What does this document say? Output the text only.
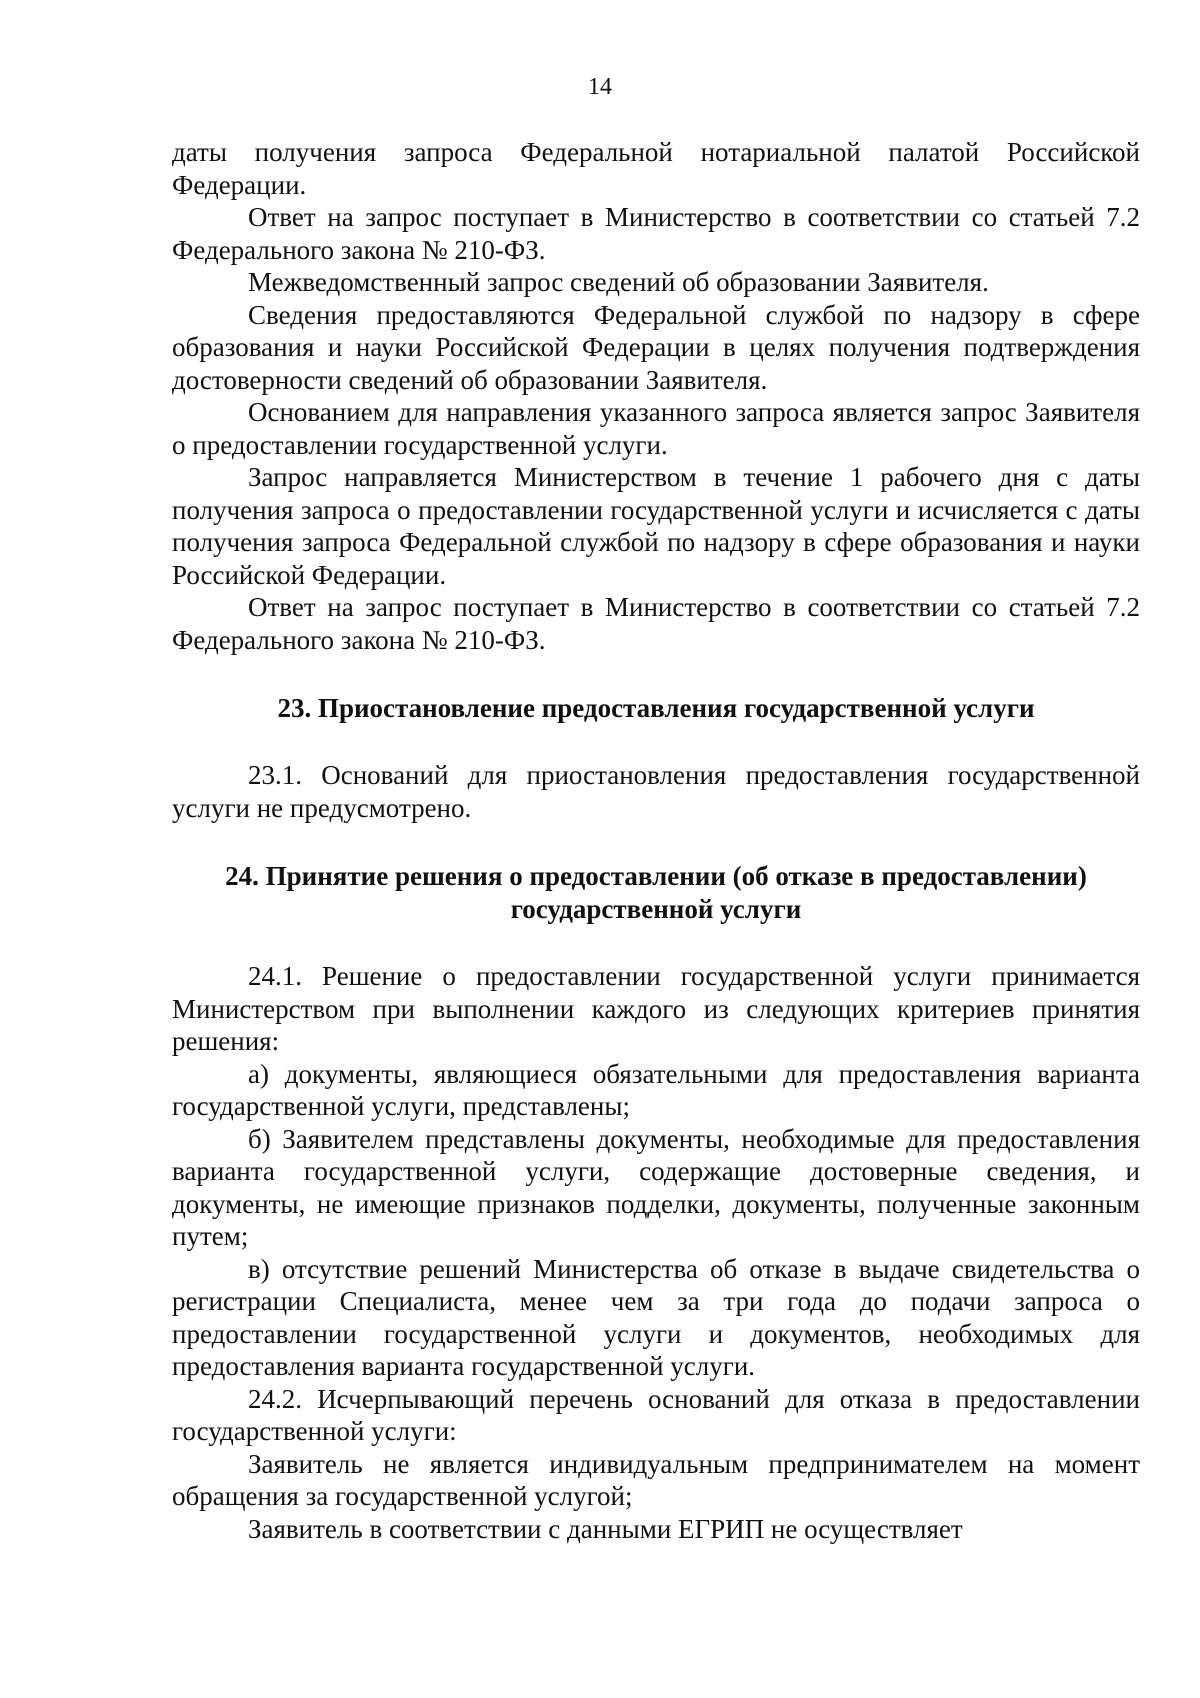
14

даты получения запроса Федеральной нотариальной палатой Российской Федерации.

Ответ на запрос поступает в Министерство в соответствии со статьей 7.2 Федерального закона № 210-ФЗ.

Межведомственный запрос сведений об образовании Заявителя.

Сведения предоставляются Федеральной службой по надзору в сфере образования и науки Российской Федерации в целях получения подтверждения достоверности сведений об образовании Заявителя.

Основанием для направления указанного запроса является запрос Заявителя о предоставлении государственной услуги.

Запрос направляется Министерством в течение 1 рабочего дня с даты получения запроса о предоставлении государственной услуги и исчисляется с даты получения запроса Федеральной службой по надзору в сфере образования и науки Российской Федерации.

Ответ на запрос поступает в Министерство в соответствии со статьей 7.2 Федерального закона № 210-ФЗ.

23. Приостановление предоставления государственной услуги

23.1. Оснований для приостановления предоставления государственной услуги не предусмотрено.

24. Принятие решения о предоставлении (об отказе в предоставлении)
государственной услуги

24.1. Решение о предоставлении государственной услуги принимается Министерством при выполнении каждого из следующих критериев принятия решения:

а) документы, являющиеся обязательными для предоставления варианта государственной услуги, представлены;

б) Заявителем представлены документы, необходимые для предоставления варианта государственной услуги, содержащие достоверные сведения, и документы, не имеющие признаков подделки, документы, полученные законным путем;

в) отсутствие решений Министерства об отказе в выдаче свидетельства о регистрации Специалиста, менее чем за три года до подачи запроса о предоставлении государственной услуги и документов, необходимых для предоставления варианта государственной услуги.

24.2. Исчерпывающий перечень оснований для отказа в предоставлении государственной услуги:

Заявитель не является индивидуальным предпринимателем на момент обращения за государственной услугой;

Заявитель в соответствии с данными ЕГРИП не осуществляет
